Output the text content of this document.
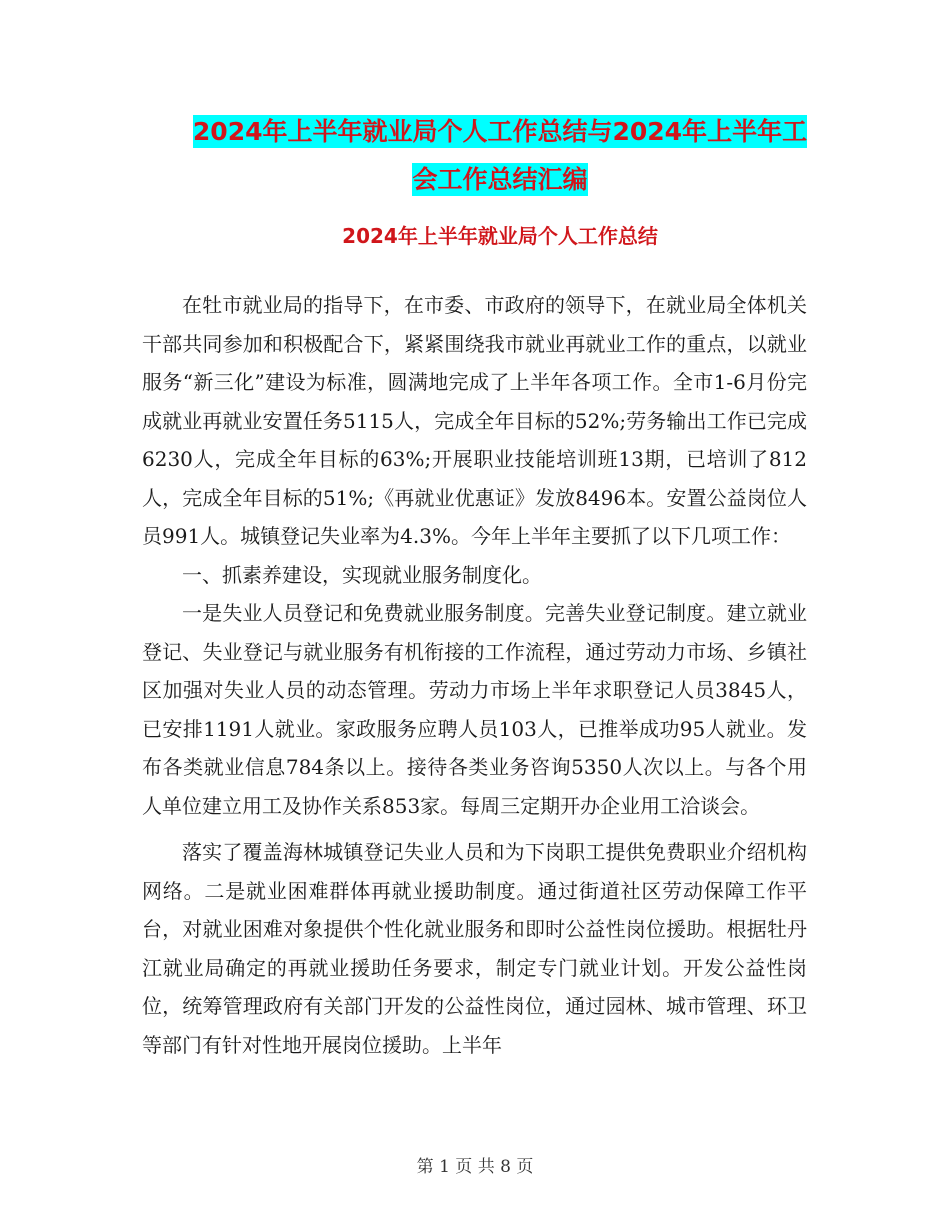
2024年上半年就业局个人工作总结与2024年上半年工
会工作总结汇编
2024年上半年就业局个人工作总结

在牡市就业局的指导下，在市委、市政府的领导下，在就业局全体机关干部共同参加和积极配合下，紧紧围绕我市就业再就业工作的重点，以就业服务“新三化”建设为标准，圆满地完成了上半年各项工作。全市1-6月份完成就业再就业安置任务5115人，完成全年目标的52%;劳务输出工作已完成6230人，完成全年目标的63%;开展职业技能培训班13期，已培训了812人，完成全年目标的51%;《再就业优惠证》发放8496本。安置公益岗位人员991人。城镇登记失业率为4.3%。今年上半年主要抓了以下几项工作：

一、抓素养建设，实现就业服务制度化。

一是失业人员登记和免费就业服务制度。完善失业登记制度。建立就业登记、失业登记与就业服务有机衔接的工作流程，通过劳动力市场、乡镇社区加强对失业人员的动态管理。劳动力市场上半年求职登记人员3845人，已安排1191人就业。家政服务应聘人员103人，已推举成功95人就业。发布各类就业信息784条以上。接待各类业务咨询5350人次以上。与各个用人单位建立用工及协作关系853家。每周三定期开办企业用工洽谈会。

落实了覆盖海林城镇登记失业人员和为下岗职工提供免费职业介绍机构网络。二是就业困难群体再就业援助制度。通过街道社区劳动保障工作平台，对就业困难对象提供个性化就业服务和即时公益性岗位援助。根据牡丹江就业局确定的再就业援助任务要求，制定专门就业计划。开发公益性岗位，统筹管理政府有关部门开发的公益性岗位，通过园林、城市管理、环卫等部门有针对性地开展岗位援助。上半年

第 1 页 共 8 页
